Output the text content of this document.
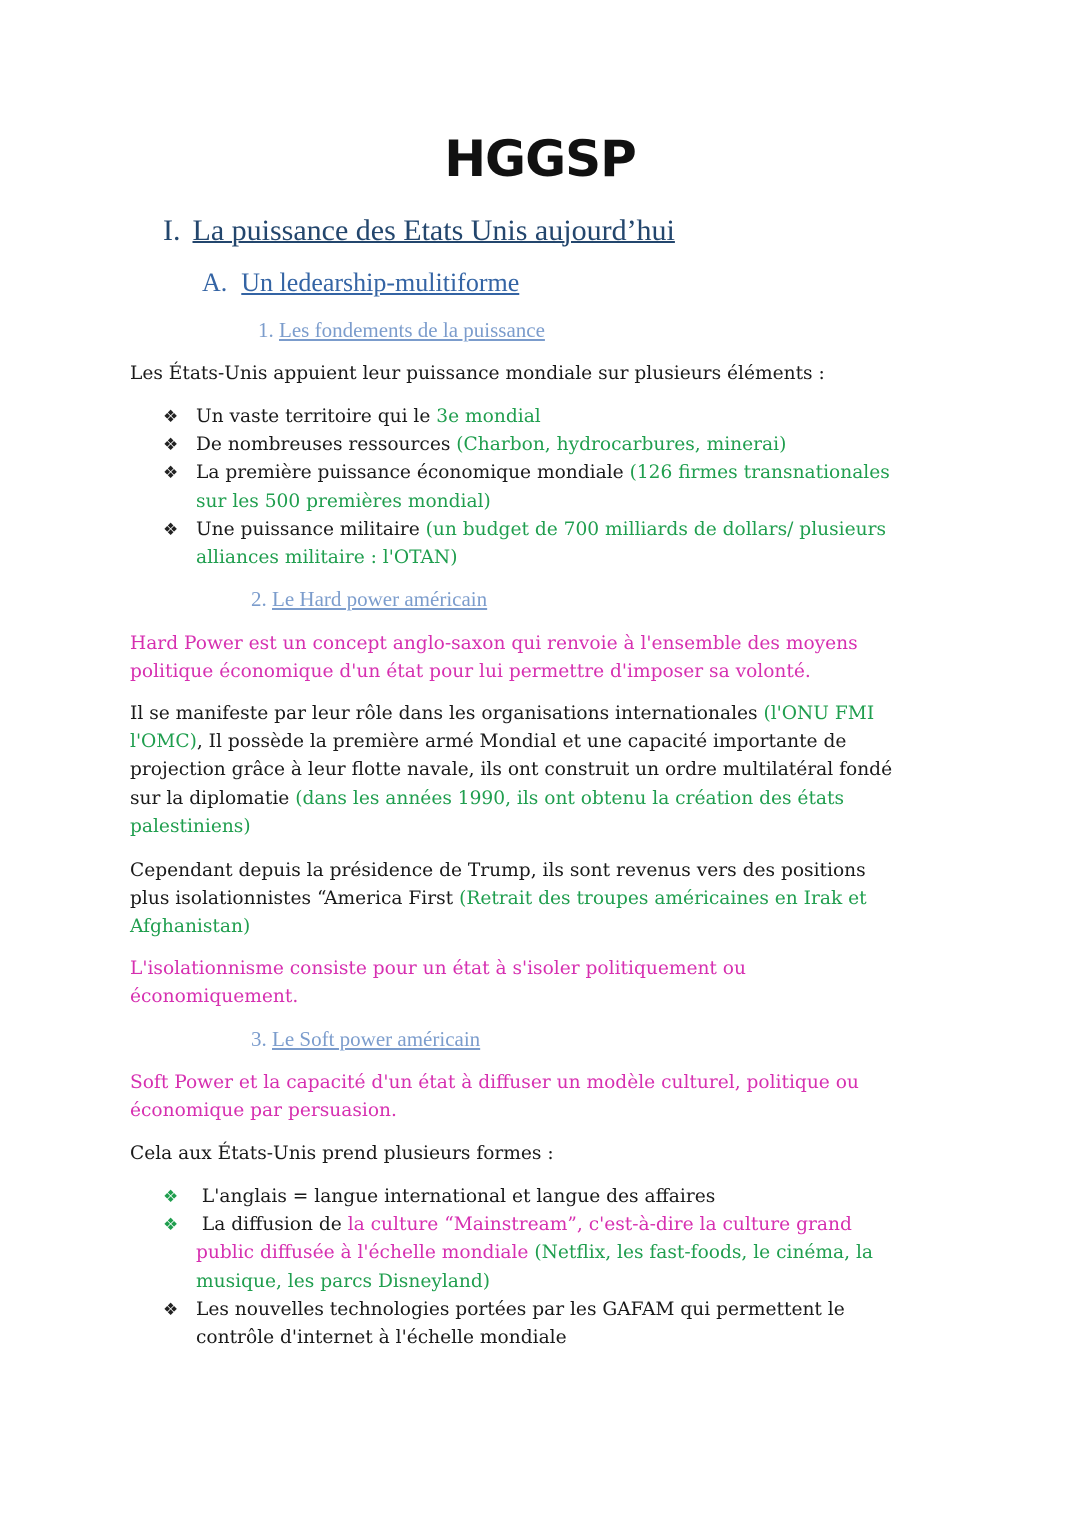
HGGSP
I. La puissance des Etats Unis aujourd’hui
A. Un ledearship-mulitiforme
1. Les fondements de la puissance
Les États-Unis appuient leur puissance mondiale sur plusieurs éléments :
❖ Un vaste territoire qui le 3e mondial
❖ De nombreuses ressources (Charbon, hydrocarbures, minerai)
❖ La première puissance économique mondiale (126 firmes transnationales
sur les 500 premières mondial)
❖ Une puissance militaire (un budget de 700 milliards de dollars/ plusieurs
alliances militaire : l'OTAN)
2. Le Hard power américain
Hard Power est un concept anglo-saxon qui renvoie à l'ensemble des moyens
politique économique d'un état pour lui permettre d'imposer sa volonté.
Il se manifeste par leur rôle dans les organisations internationales (l'ONU FMI
l'OMC), Il possède la première armé Mondial et une capacité importante de
projection grâce à leur flotte navale, ils ont construit un ordre multilatéral fondé
sur la diplomatie (dans les années 1990, ils ont obtenu la création des états
palestiniens)
Cependant depuis la présidence de Trump, ils sont revenus vers des positions
plus isolationnistes “America First (Retrait des troupes américaines en Irak et
Afghanistan)
L'isolationnisme consiste pour un état à s'isoler politiquement ou
économiquement.
3. Le Soft power américain
Soft Power et la capacité d'un état à diffuser un modèle culturel, politique ou
économique par persuasion.
Cela aux États-Unis prend plusieurs formes :
❖	L'anglais = langue international et langue des affaires
❖	La diffusion de la culture “Mainstream”, c'est-à-dire la culture grand
public diffusée à l'échelle mondiale (Netflix, les fast-foods, le cinéma, la
musique, les parcs Disneyland)
❖ Les nouvelles technologies portées par les GAFAM qui permettent le
contrôle d'internet à l'échelle mondiale
